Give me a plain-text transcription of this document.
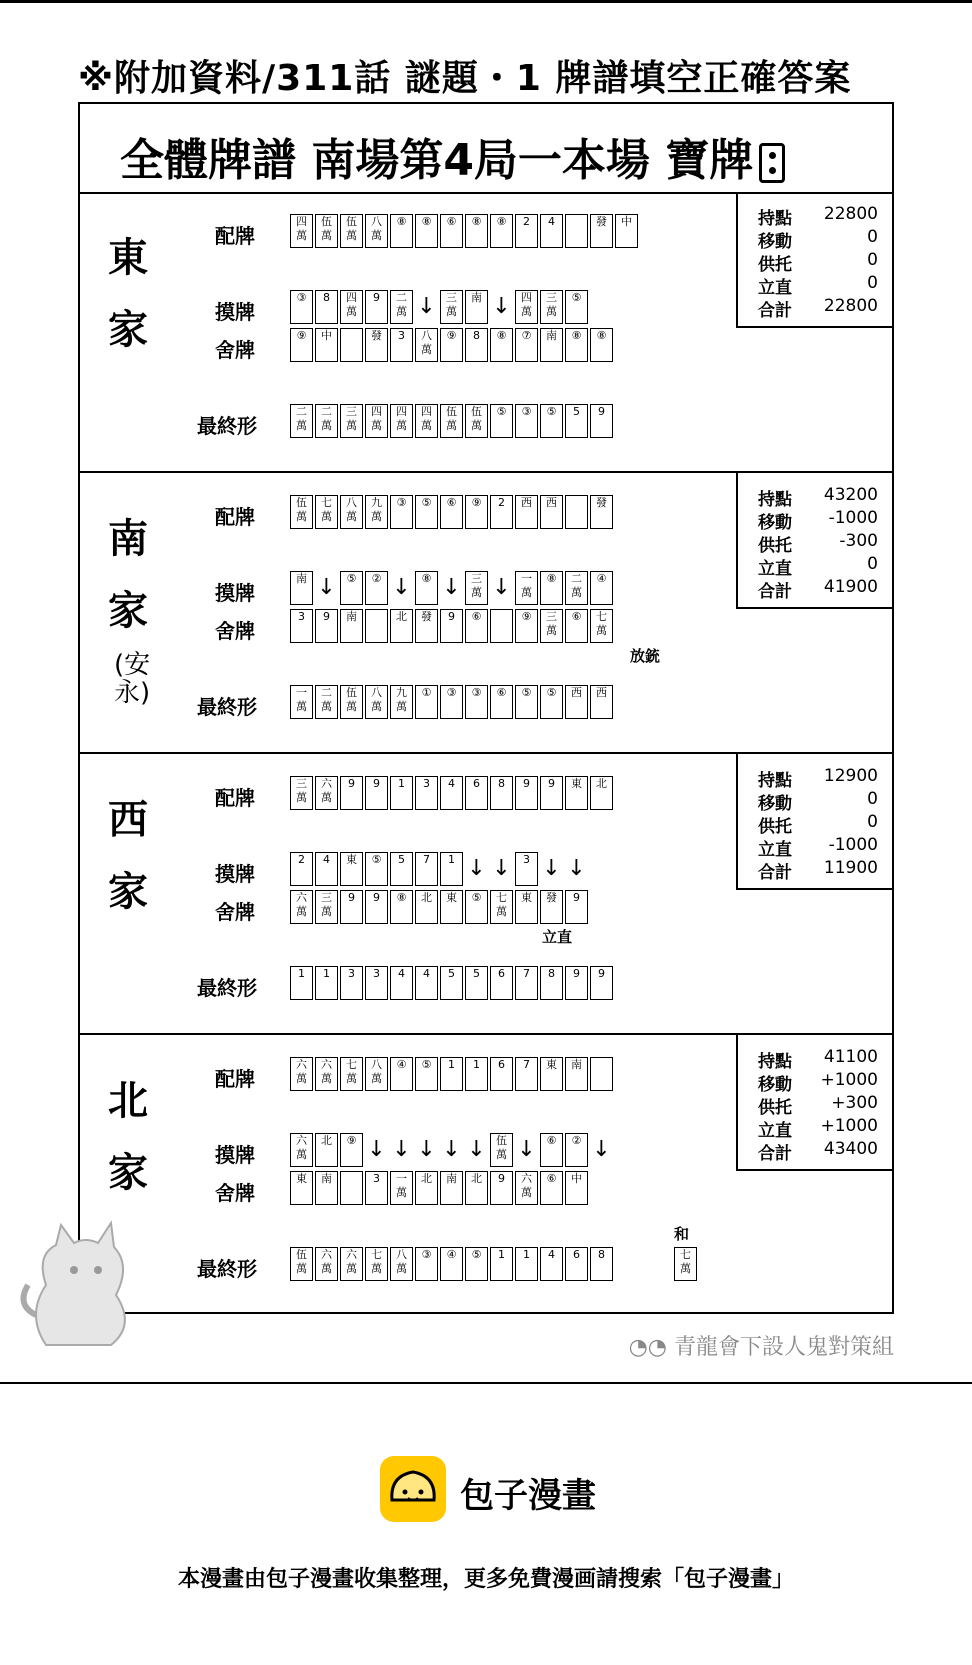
※附加資料/311話 謎題・1 牌譜填空正確答案
全體牌譜 南場第4局一本場 寶牌
東
家
配牌
四萬
伍萬
伍萬
八萬
⑧	⑧	⑥	⑧	⑧	2	4	發	中
摸牌
③	8	四萬
9	二萬 ↓ 三萬
南 ↓ 四萬
三萬
⑤
舍牌
⑨	中	發	3	八萬
⑨	8	⑧	⑦	南	⑧	⑧
最終形
二萬
二萬
三萬
四萬
四萬
四萬
伍萬
伍萬
⑤	③	⑤	5	9
持點 22800
移動	0
供托	0
立直	0
合計 22800
南
家
(安永)
配牌
伍萬
七萬
八萬
九萬
③	⑤	⑥	⑨	2	西	西	發
摸牌
南 ↓ ⑤	② ↓ ⑧ ↓ 三萬 ↓ 一萬
⑧	二萬
④
舍牌
3	9	南	北	發	9	⑥	⑨	三萬
⑥	七萬
最終形
一萬
二萬
伍萬
八萬
九萬
①	③	③	⑥	⑤	⑤	西	西
放銃
持點 43200
移動 -1000
供托	-300
立直	0
合計 41900
西
家
配牌
三萬
六萬
9	9	1	3	4	6	8	9	9	東	北
摸牌
2	4	東	⑤	5	7	1 ↓ ↓	3 ↓ ↓
舍牌
六萬
三萬
9	9	⑧	北	東	⑤	七萬
東	發	9
最終形
1	1	3	3	4	4	5	5	6	7	8	9	9
立直
持點 12900
移動	0
供托	0
立直 -1000
合計 11900
北
家
配牌
六萬
六萬
七萬
八萬
④	⑤	1	1	6	7	東	南
摸牌
六萬
北	⑨ ↓ ↓ ↓ ↓ ↓ 伍萬 ↓ ⑥	② ↓
舍牌
東	南	3	一萬
北	南	北	9	六萬
⑥	中
最終形
伍萬
六萬
六萬
七萬
八萬
③	④	⑤	1	1	4	6	8
和
七萬
持點 41100
移動 +1000
供托 +300
立直 +1000
合計 43400
◔◔ 青龍會下設人鬼對策組
包子漫畫
本漫畫由包子漫畫收集整理，更多免費漫画請搜索「包子漫畫」
